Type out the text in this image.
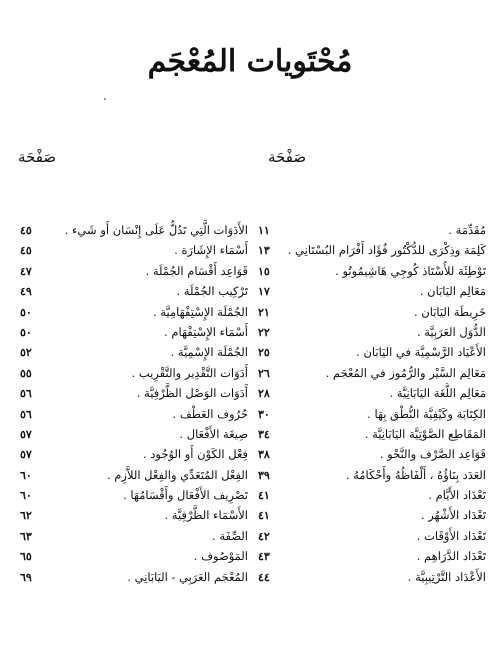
مُحْتَويات المُعْجَم
صَفْحَة
صَفْحَة
مُقَدِّمَة .
١١
كَلِمَة وذِكْرَى للدُّكْتُور فُؤَاد أَفْرَام البُسْتَانِي .
١٣
تَوْطِئَة للأُسْتَاذ كُوجِي هَاشِيمُوتُو .
١٥
مَعَالِم اليَابَان .
١٧
خَرِيطَة اليَابَان .
٢١
الدُّوَل العَرَبِيَّة .
٢٢
الأَعْيَاد الرَّسْمِيَّة في اليَابَان .
٢٥
مَعَالِم السَّيْر والرُّمُوز في المُعْجَم .
٢٦
مَعَالِم اللُّغَة اليَابَانِيَّة .
٢٨
الكِتَابَة وكَيْفِيَّة النُّطْق بِهَا .
٣٠
المَقَاطِع الصَّوْتِيَّة اليَابَانِيَّة .
٣٤
قَوَاعِد الصَّرْف والنَّحْو .
٣٨
العَدَد بِنَاؤُهُ ، أَلْفَاظُهُ وأَحْكَامُهُ .
٣٩
تَعْدَاد الأَيَّام .
٤١
تَعْدَاد الأَشْهُر .
٤١
تَعْدَاد الأَوْقَات .
٤٢
تَعْدَاد الدَّرَاهِم .
٤٣
الأَعْدَاد التَّرْتِيبِيَّة .
٤٤
الأَدَوَات الَّتِي تَدُلُّ عَلَى إِنْسَان أَو شَيء .
٤٥
أَسْمَاء الإِشَارَة .
٤٥
قَوَاعِد أَقْسَام الجُمْلَة .
٤٧
تَرْكِيب الجُمْلَة .
٤٩
الجُمْلَة الإِسْتِفْهَامِيَّة .
٥٠
أَسْمَاء الإِسْتِفْهَام .
٥٠
الجُمْلَة الإِسْمِيَّة .
٥٢
أَدَوَات التَّقْدِير والتَّقْرِيب .
٥٥
أَدَوَات الوَصْل الظَّرْفِيَّة .
٥٦
حُرُوف العَطْف .
٥٦
صِيغَة الأَفْعَال .
٥٧
فِعْل الكَوْن أَو الوُجُود .
٥٧
الفِعْل المُتَعَدِّي والفِعْل اللاَّزِم .
٦٠
تَصْرِيف الأَفْعَال وأَقْسَامُهَا .
٦٠
الأَسْمَاء الظَّرْفِيَّة .
٦٢
الصِّفَة .
٦٣
المَوْصُوف .
٦٥
المُعْجَم العَرَبِي - اليَابَانِي .
٦٩
